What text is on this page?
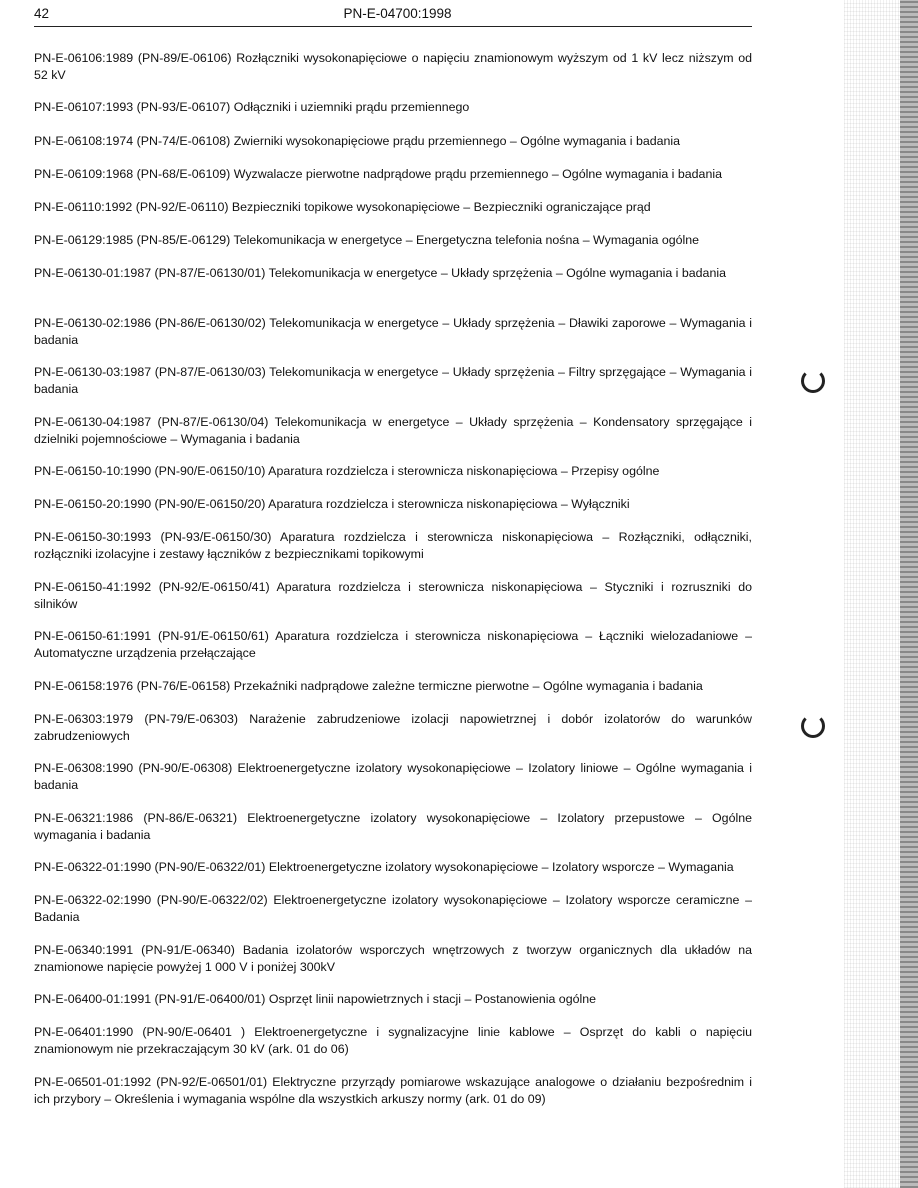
42	PN-E-04700:1998

PN-E-06106:1989 (PN-89/E-06106) Rozłączniki wysokonapięciowe o napięciu znamionowym wyższym od 1 kV lecz niższym od 52 kV

PN-E-06107:1993 (PN-93/E-06107) Odłączniki i uziemniki prądu przemiennego

PN-E-06108:1974 (PN-74/E-06108) Zwierniki wysokonapięciowe prądu przemiennego – Ogólne wymagania i badania

PN-E-06109:1968 (PN-68/E-06109) Wyzwalacze pierwotne nadprądowe prądu przemiennego – Ogólne wymagania i badania

PN-E-06110:1992 (PN-92/E-06110) Bezpieczniki topikowe wysokonapięciowe – Bezpieczniki ograniczające prąd

PN-E-06129:1985 (PN-85/E-06129) Telekomunikacja w energetyce – Energetyczna telefonia nośna – Wymagania ogólne

PN-E-06130-01:1987 (PN-87/E-06130/01) Telekomunikacja w energetyce – Układy sprzężenia – Ogólne wymagania i badania

PN-E-06130-02:1986 (PN-86/E-06130/02) Telekomunikacja w energetyce – Układy sprzężenia – Dławiki zaporowe – Wymagania i badania

PN-E-06130-03:1987 (PN-87/E-06130/03) Telekomunikacja w energetyce – Układy sprzężenia – Filtry sprzęgające – Wymagania i badania

PN-E-06130-04:1987 (PN-87/E-06130/04) Telekomunikacja w energetyce – Układy sprzężenia – Kondensatory sprzęgające i dzielniki pojemnościowe – Wymagania i badania

PN-E-06150-10:1990 (PN-90/E-06150/10) Aparatura rozdzielcza i sterownicza niskonapięciowa – Przepisy ogólne

PN-E-06150-20:1990 (PN-90/E-06150/20) Aparatura rozdzielcza i sterownicza niskonapięciowa – Wyłączniki

PN-E-06150-30:1993 (PN-93/E-06150/30) Aparatura rozdzielcza i sterownicza niskonapięciowa – Rozłączniki, odłączniki, rozłączniki izolacyjne i zestawy łączników z bezpiecznikami topikowymi

PN-E-06150-41:1992 (PN-92/E-06150/41) Aparatura rozdzielcza i sterownicza niskonapięciowa – Styczniki i rozruszniki do silników

PN-E-06150-61:1991 (PN-91/E-06150/61) Aparatura rozdzielcza i sterownicza niskonapięciowa – Łączniki wielozadaniowe – Automatyczne urządzenia przełączające

PN-E-06158:1976 (PN-76/E-06158) Przekaźniki nadprądowe zależne termiczne pierwotne – Ogólne wymagania i badania

PN-E-06303:1979 (PN-79/E-06303) Narażenie zabrudzeniowe izolacji napowietrznej i dobór izolatorów do warunków zabrudzeniowych

PN-E-06308:1990 (PN-90/E-06308) Elektroenergetyczne izolatory wysokonapięciowe – Izolatory liniowe – Ogólne wymagania i badania

PN-E-06321:1986 (PN-86/E-06321) Elektroenergetyczne izolatory wysokonapięciowe – Izolatory przepustowe – Ogólne wymagania i badania

PN-E-06322-01:1990 (PN-90/E-06322/01) Elektroenergetyczne izolatory wysokonapięciowe – Izolatory wsporcze – Wymagania

PN-E-06322-02:1990 (PN-90/E-06322/02) Elektroenergetyczne izolatory wysokonapięciowe – Izolatory wsporcze ceramiczne – Badania

PN-E-06340:1991 (PN-91/E-06340) Badania izolatorów wsporczych wnętrzowych z tworzyw organicznych dla układów na znamionowe napięcie powyżej 1 000 V i poniżej 300kV

PN-E-06400-01:1991 (PN-91/E-06400/01) Osprzęt linii napowietrznych i stacji – Postanowienia ogólne

PN-E-06401:1990 (PN-90/E-06401 ) Elektroenergetyczne i sygnalizacyjne linie kablowe – Osprzęt do kabli o napięciu znamionowym nie przekraczającym 30 kV (ark. 01 do 06)

PN-E-06501-01:1992 (PN-92/E-06501/01) Elektryczne przyrządy pomiarowe wskazujące analogowe o działaniu bezpośrednim i ich przybory – Określenia i wymagania wspólne dla wszystkich arkuszy normy (ark. 01 do 09)
